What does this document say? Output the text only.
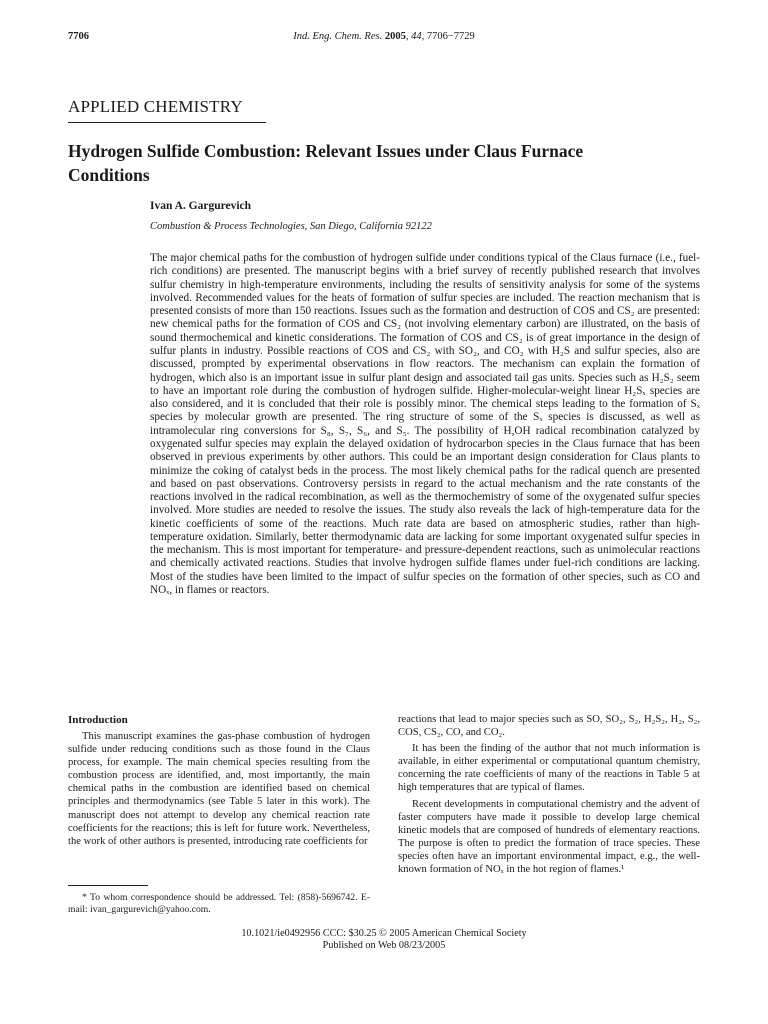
7706	Ind. Eng. Chem. Res. 2005, 44, 7706−7729
APPLIED CHEMISTRY
Hydrogen Sulfide Combustion: Relevant Issues under Claus Furnace Conditions
Ivan A. Gargurevich
Combustion & Process Technologies, San Diego, California 92122

The major chemical paths for the combustion of hydrogen sulfide under conditions typical of the Claus furnace (i.e., fuel-rich conditions) are presented. The manuscript begins with a brief survey of recently published research that involves sulfur chemistry in high-temperature environments, including the results of sensitivity analysis for some of the systems involved. Recommended values for the heats of formation of sulfur species are included. The reaction mechanism that is presented consists of more than 150 reactions. Issues such as the formation and destruction of COS and CS₂ are presented: new chemical paths for the formation of COS and CS₂ (not involving elementary carbon) are illustrated, on the basis of sound thermochemical and kinetic considerations. The formation of COS and CS₂ is of great importance in the design of sulfur plants in industry. Possible reactions of COS and CS₂ with SO₂, and CO₂ with H₂S and sulfur species, also are discussed, prompted by experimental observations in flow reactors. The mechanism can explain the formation of hydrogen, which also is an important issue in sulfur plant design and associated tail gas units. Species such as H₂S₂ seem to have an important role during the combustion of hydrogen sulfide. Higher-molecular-weight linear H₂Sₓ species are also considered, and it is concluded that their role is possibly minor. The chemical steps leading to the formation of Sₓ species by molecular growth are presented. The ring structure of some of the Sₓ species is discussed, as well as intramolecular ring conversions for S₈, S₇, S₆, and S₅. The possibility of H,OH radical recombination catalyzed by oxygenated sulfur species may explain the delayed oxidation of hydrocarbon species in the Claus furnace that has been observed in previous experiments by other authors. This could be an important design consideration for Claus plants to minimize the coking of catalyst beds in the process. The most likely chemical paths for the radical quench are presented and based on past observations. Controversy persists in regard to the actual mechanism and the rate constants of the reactions involved in the radical recombination, as well as the thermochemistry of some of the oxygenated sulfur species involved. More studies are needed to resolve the issues. The study also reveals the lack of high-temperature data for the kinetic coefficients of some of the reactions. Much rate data are based on atmospheric studies, rather than high-temperature oxidation. Similarly, better thermodynamic data are lacking for some important oxygenated sulfur species in the mechanism. This is most important for temperature- and pressure-dependent reactions, such as unimolecular reactions and chemically activated reactions. Studies that involve hydrogen sulfide flames under fuel-rich conditions are lacking. Most of the studies have been limited to the impact of sulfur species on the formation of other species, such as CO and NOₓ, in flames or reactors.

Introduction

This manuscript examines the gas-phase combustion of hydrogen sulfide under reducing conditions such as those found in the Claus process, for example. The main chemical species resulting from the combustion process are identified, and, most importantly, the main chemical paths in the combustion are identified based on chemical principles and thermodynamics (see Table 5 later in this work). The manuscript does not attempt to develop any chemical reaction rate coefficients for the reactions; this is left for future work. Nevertheless, the work of other authors is presented, introducing rate coefficients for

reactions that lead to major species such as SO, SO₂, S₂, H₂S₂, H₂, S₂, COS, CS₂, CO, and CO₂.

It has been the finding of the author that not much information is available, in either experimental or computational quantum chemistry, concerning the rate coefficients of many of the reactions in Table 5 at high temperatures that are typical of flames.

Recent developments in computational chemistry and the advent of faster computers have made it possible to develop large chemical kinetic models that are composed of hundreds of elementary reactions. The purpose is often to predict the formation of trace species. These species often have an important environmental impact, e.g., the well-known formation of NOₓ in the hot region of flames.¹

* To whom correspondence should be addressed. Tel: (858)-5696742. E-mail: ivan_gargurevich@yahoo.com.
10.1021/ie0492956 CCC: $30.25 © 2005 American Chemical Society
Published on Web 08/23/2005
